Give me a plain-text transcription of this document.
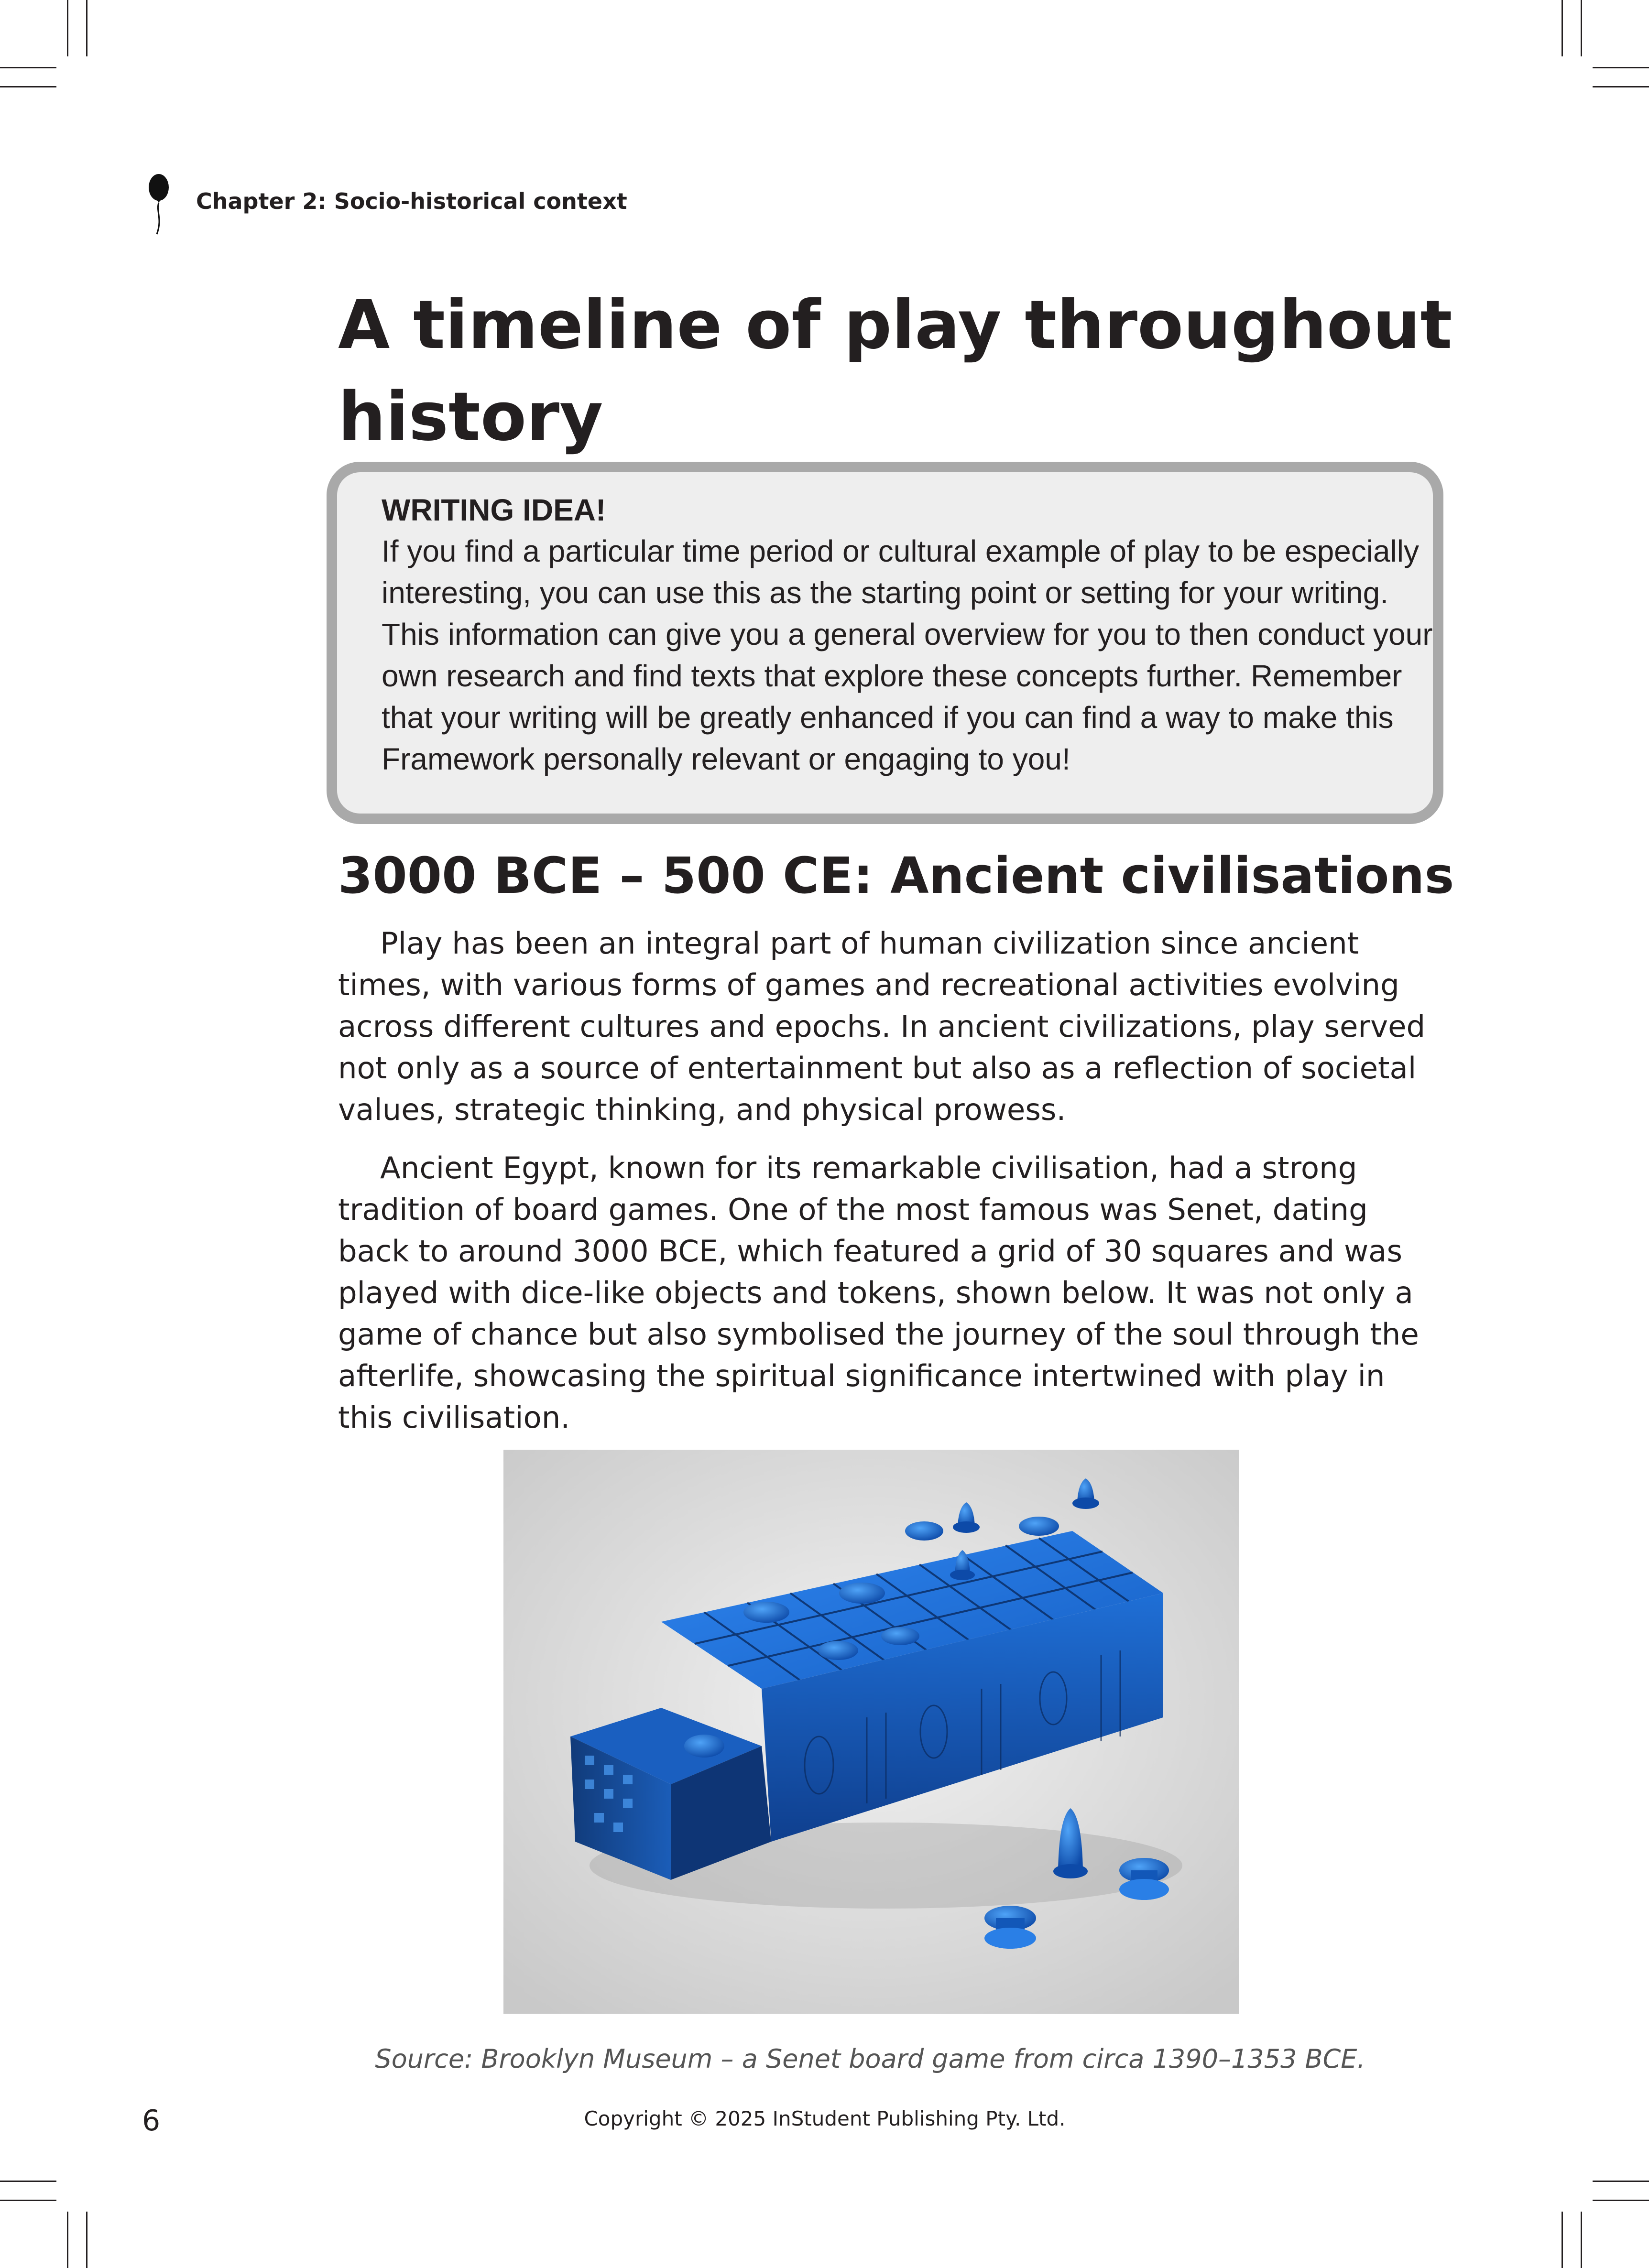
Chapter 2: Socio-historical context
A timeline of play throughout history
WRITING IDEA!

If you find a particular time period or cultural example of play to be especially interesting, you can use this as the starting point or setting for your writing. This information can give you a general overview for you to then conduct your own research and find texts that explore these concepts further. Remember that your writing will be greatly enhanced if you can find a way to make this Framework personally relevant or engaging to you!

3000 BCE – 500 CE: Ancient civilisations

Play has been an integral part of human civilization since ancient times, with various forms of games and recreational activities evolving across different cultures and epochs. In ancient civilizations, play served not only as a source of entertainment but also as a reflection of societal values, strategic thinking, and physical prowess.

Ancient Egypt, known for its remarkable civilisation, had a strong tradition of board games. One of the most famous was Senet, dating back to around 3000 BCE, which featured a grid of 30 squares and was played with dice-like objects and tokens, shown below. It was not only a game of chance but also symbolised the journey of the soul through the afterlife, showcasing the spiritual significance intertwined with play in this civilisation.

Source: Brooklyn Museum – a Senet board game from circa 1390–1353 BCE.
6	Copyright © 2025 InStudent Publishing Pty. Ltd.
